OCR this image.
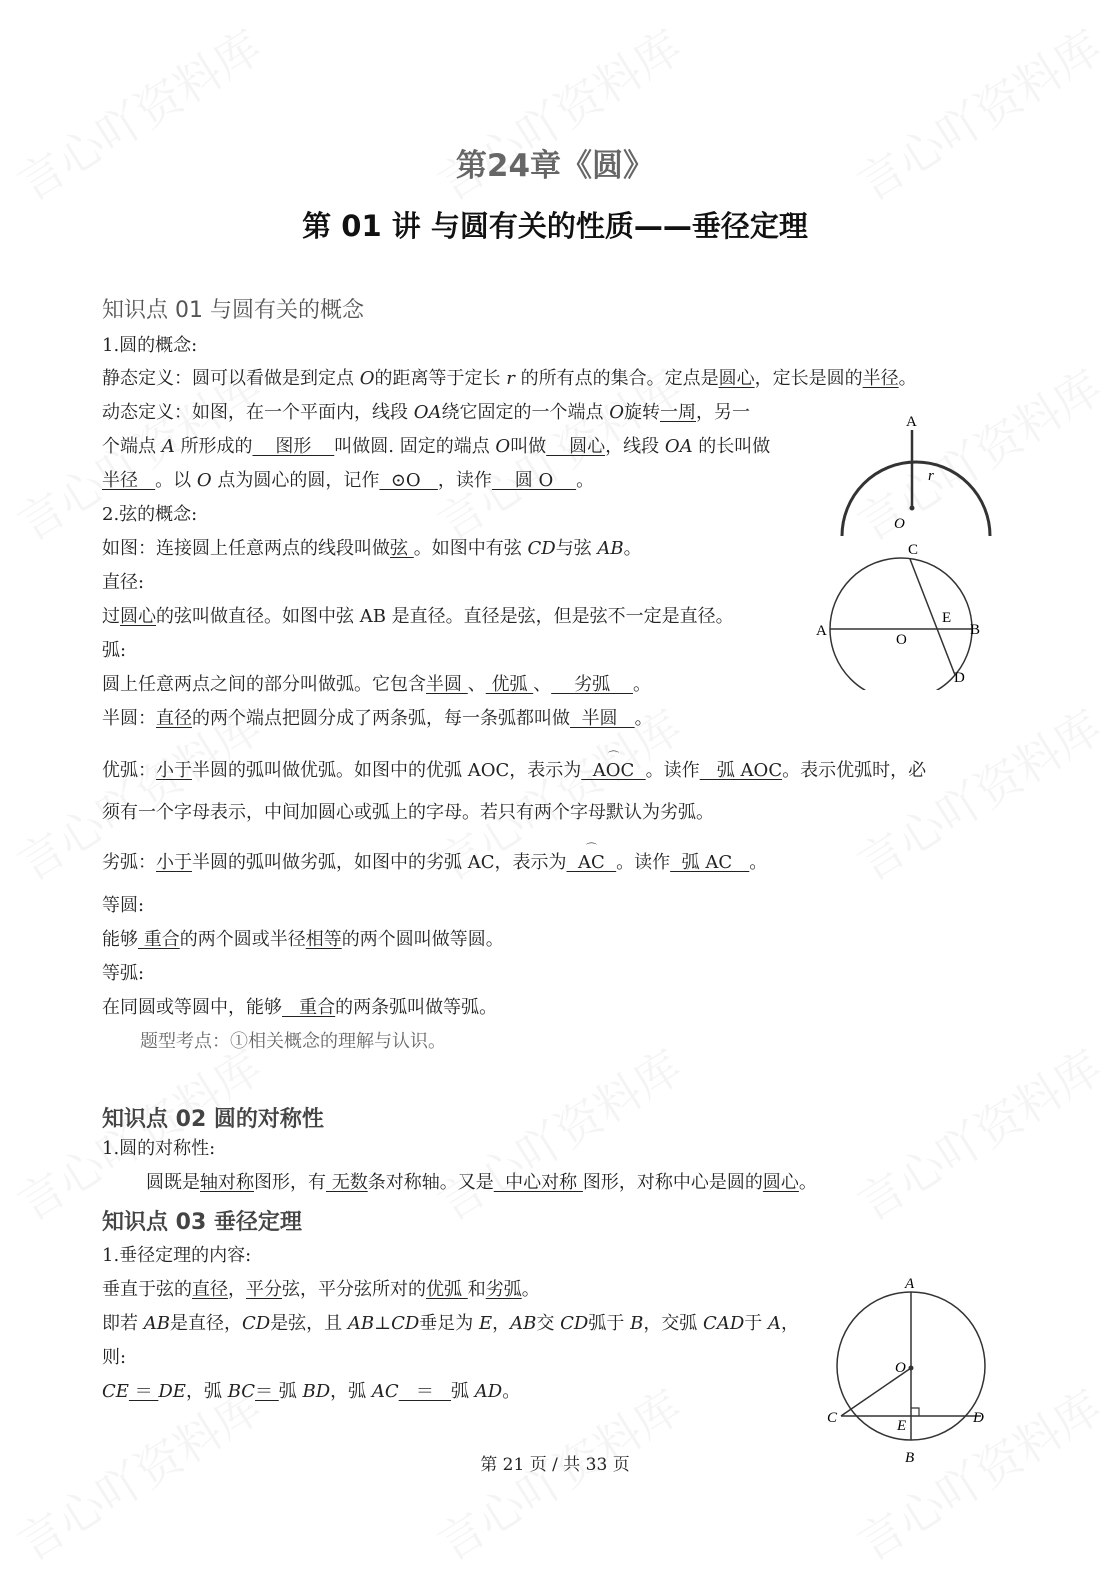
第24章《圆》
第 01 讲 与圆有关的性质——垂径定理
知识点 01 与圆有关的概念
知识点 02 圆的对称性
知识点 03 垂径定理
1.圆的概念:
静态定义：圆可以看做是到定点 O的距离等于定长 r 的所有点的集合。定点是圆心，定长是圆的半径。
动态定义：如图，在一个平面内，线段 OA绕它固定的一个端点 O旋转一周，另一
个端点 A 所形成的    图形    叫做圆. 固定的端点 O叫做    圆心，线段 OA 的长叫做
半径   。以 O 点为圆心的圆，记作  ⊙O   ，读作    圆 O    。
2.弦的概念:
如图：连接圆上任意两点的线段叫做弦 。如图中有弦 CD与弦 AB。
直径:
过圆心的弦叫做直径。如图中弦 AB 是直径。直径是弦，但是弦不一定是直径。
弧:
圆上任意两点之间的部分叫做弧。它包含半圆 、 优弧 、    劣弧    。
半圆：直径的两个端点把圆分成了两条弧，每一条弧都叫做  半圆   。
优弧：小于半圆的弧叫做优弧。如图中的优弧 AOC，表示为⌒   AOC  。读作   弧 AOC。表示优弧时，必
须有一个字母表示，中间加圆心或弧上的字母。若只有两个字母默认为劣弧。
劣弧：小于半圆的弧叫做劣弧，如图中的劣弧 AC，表示为⌒   AC  。读作  弧 AC   。
等圆:
能够 重合的两个圆或半径相等的两个圆叫做等圆。
等弧:
在同圆或等圆中，能够   重合的两条弧叫做等弧。
题型考点：①相关概念的理解与认识。
1.圆的对称性:
圆既是轴对称图形，有 无数条对称轴。又是  中心对称 图形，对称中心是圆的圆心。
1.垂径定理的内容:
垂直于弦的直径，平分弦，平分弦所对的优弧 和劣弧。
即若 AB是直径，CD是弦，且 AB⊥CD垂足为 E，AB交 CD弧于 B，交弧 CAD于 A，
则:
CE ＝ DE，弧 BC＝ 弧 BD，弧 AC   ＝   弧 AD。
A
r
O
A	B
C
D
E
O
A
B
C	D
E
O
第 21 页 / 共 33 页
